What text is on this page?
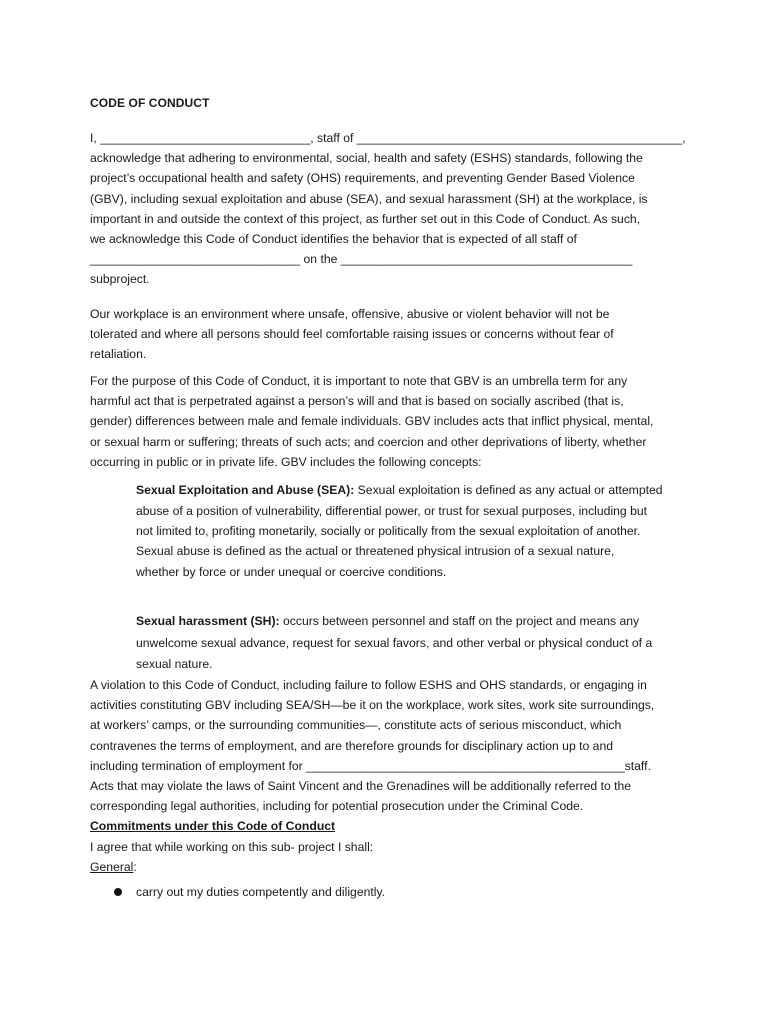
CODE OF CONDUCT
I, _______________________________, staff of ________________________________________________,
acknowledge that adhering to environmental, social, health and safety (ESHS) standards, following the
project’s occupational health and safety (OHS) requirements, and preventing Gender Based Violence
(GBV), including sexual exploitation and abuse (SEA), and sexual harassment (SH) at the workplace, is
important in and outside the context of this project, as further set out in this Code of Conduct. As such,
we acknowledge this Code of Conduct identifies the behavior that is expected of all staff of
_______________________________ on the ___________________________________________
subproject.
Our workplace is an environment where unsafe, offensive, abusive or violent behavior will not be
tolerated and where all persons should feel comfortable raising issues or concerns without fear of
retaliation.
For the purpose of this Code of Conduct, it is important to note that GBV is an umbrella term for any
harmful act that is perpetrated against a person’s will and that is based on socially ascribed (that is,
gender) differences between male and female individuals. GBV includes acts that inflict physical, mental,
or sexual harm or suffering; threats of such acts; and coercion and other deprivations of liberty, whether
occurring in public or in private life. GBV includes the following concepts:
Sexual Exploitation and Abuse (SEA): Sexual exploitation is defined as any actual or attempted
abuse of a position of vulnerability, differential power, or trust for sexual purposes, including but
not limited to, profiting monetarily, socially or politically from the sexual exploitation of another.
Sexual abuse is defined as the actual or threatened physical intrusion of a sexual nature,
whether by force or under unequal or coercive conditions.
Sexual harassment (SH): occurs between personnel and staff on the project and means any
unwelcome sexual advance, request for sexual favors, and other verbal or physical conduct of a
sexual nature.
A violation to this Code of Conduct, including failure to follow ESHS and OHS standards, or engaging in
activities constituting GBV including SEA/SH—be it on the workplace, work sites, work site surroundings,
at workers’ camps, or the surrounding communities—, constitute acts of serious misconduct, which
contravenes the terms of employment, and are therefore grounds for disciplinary action up to and
including termination of employment for _______________________________________________staff.
Acts that may violate the laws of Saint Vincent and the Grenadines will be additionally referred to the
corresponding legal authorities, including for potential prosecution under the Criminal Code.
Commitments under this Code of Conduct
I agree that while working on this sub- project I shall:
General:
carry out my duties competently and diligently.
